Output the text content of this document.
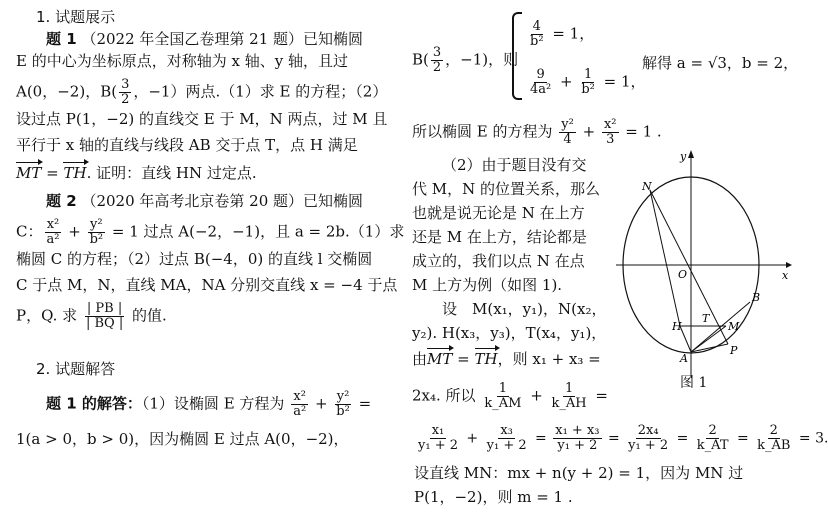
1. 试题展示
题 1 （2022 年全国乙卷理第 21 题）已知椭圆
E 的中心为坐标原点，对称轴为 x 轴、y 轴，且过
A(0，−2)，$B( \frac{3}{2}$ ，−1）两点.（1）求 E 的方程；（2）
设过点 P(1，−2) 的直线交 E 于 M，N 两点，过 M 且
平行于 x 轴的直线与线段 AB 交于点 T，点 H 满足
MT = TH. 证明：直线 HN 过定点.
题 2 （2020 年高考北京卷第 20 题）已知椭圆
C： $\frac{\text{x²}}{\text{a²}} + \frac{\text{y²}}{\text{b²}} = 1$ 过点 A(−2，−1)，且 a = 2b.（1）求
椭圆 C 的方程；（2）过点 B(−4，0) 的直线 l 交椭圆
C 于点 M，N，直线 MA，NA 分别交直线 x = −4 于点
P，Q. 求 $\frac{| PB |}{| BQ |}$ 的值.
2. 试题解答
题 1 的解答：（1）设椭圆 E 方程为 $\frac{\text{x²}}{\text{a²}} + \frac{\text{y²}}{\text{b²}}$ =
1(a > 0，b > 0)，因为椭圆 E 过点 A(0，−2)，
$B( \frac{3}{2}$ ，−1)，则
$\frac{4}{\text{b²}} = 1$，
$\frac{9}{\text{4a²}} + \frac{1}{\text{b²}} = 1$，
解得 a = √3，b = 2，
所以椭圆 E 的方程为 $\frac{\text{y²}}{4} + \frac{\text{x²}}{3} = 1$ .
（2）由于题目没有交
代 M，N 的位置关系，那么
也就是说无论是 N 在上方
还是 M 在上方，结论都是
成立的，我们以点 N 在点
M 上方为例（如图 1).
设　M(x₁，y₁)，N(x₂，
y₂). H(x₃，y₃)，T(x₄，y₁)，
由MT = TH，则 x₁ + x₃ =
2x₄. 所以 $\frac{1}{k\_AM} + \frac{1}{k\_AH}$ =
$\frac{\text{x₁}}{\text{y₁ + 2}} + \frac{\text{x₃}}{\text{y₁ + 2}} = \frac{\text{x₁ + x₃}}{\text{y₁ + 2}} = \frac{\text{2x₄}}{\text{y₁ + 2}} = \frac{2}{k\_AT} = \frac{2}{k\_AB} = 3$.
设直线 MN：mx + n(y + 2) = 1，因为 MN 过
P(1，−2)，则 m = 1 .
y
x
O
N
B
H
T
M
A
P
图 1
